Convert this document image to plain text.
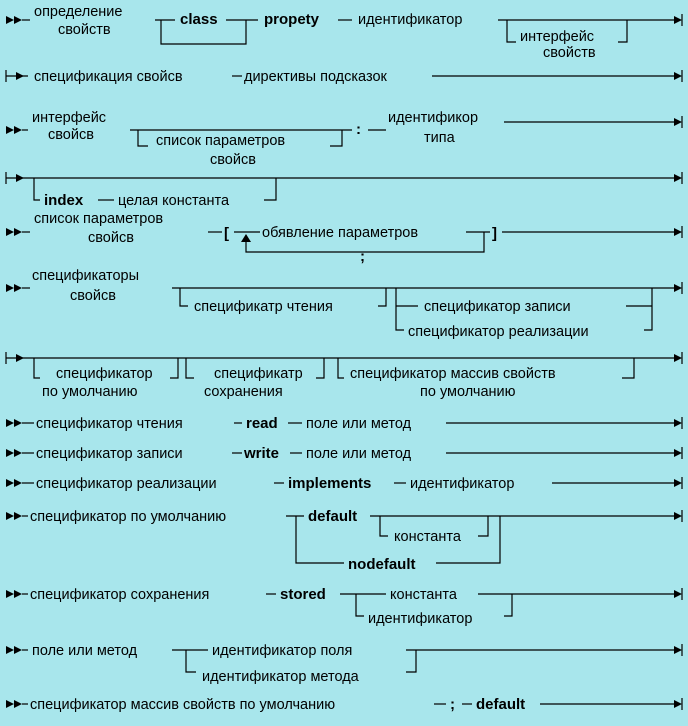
определение
свойств
class	propety	идентификатор
интерфейс
свойств
спецификация свойсв	директивы подсказок
интерфейс
свойсв	список параметров
свойсв
:
идентификор
типа
index целая константа
список параметров
свойсв	[ обявление параметров
;
]
спецификаторы
свойсв
спецификатр чтения	спецификатор записи
спецификатор реализации
спецификатор
по умолчанию
спецификатр
сохранения
спецификатор массив свойств
по умолчанию
спецификатор чтения	read поле или метод
спецификатор записи	write поле или метод
спецификатор реализации	implements	идентификатор
спецификатор по умолчанию	default
константа
nodefault
спецификатор сохранения	stored	константа
идентификатор
поле или метод	идентификатор поля
идентификатор метода
спецификатор массив свойств по умолчанию	; default
